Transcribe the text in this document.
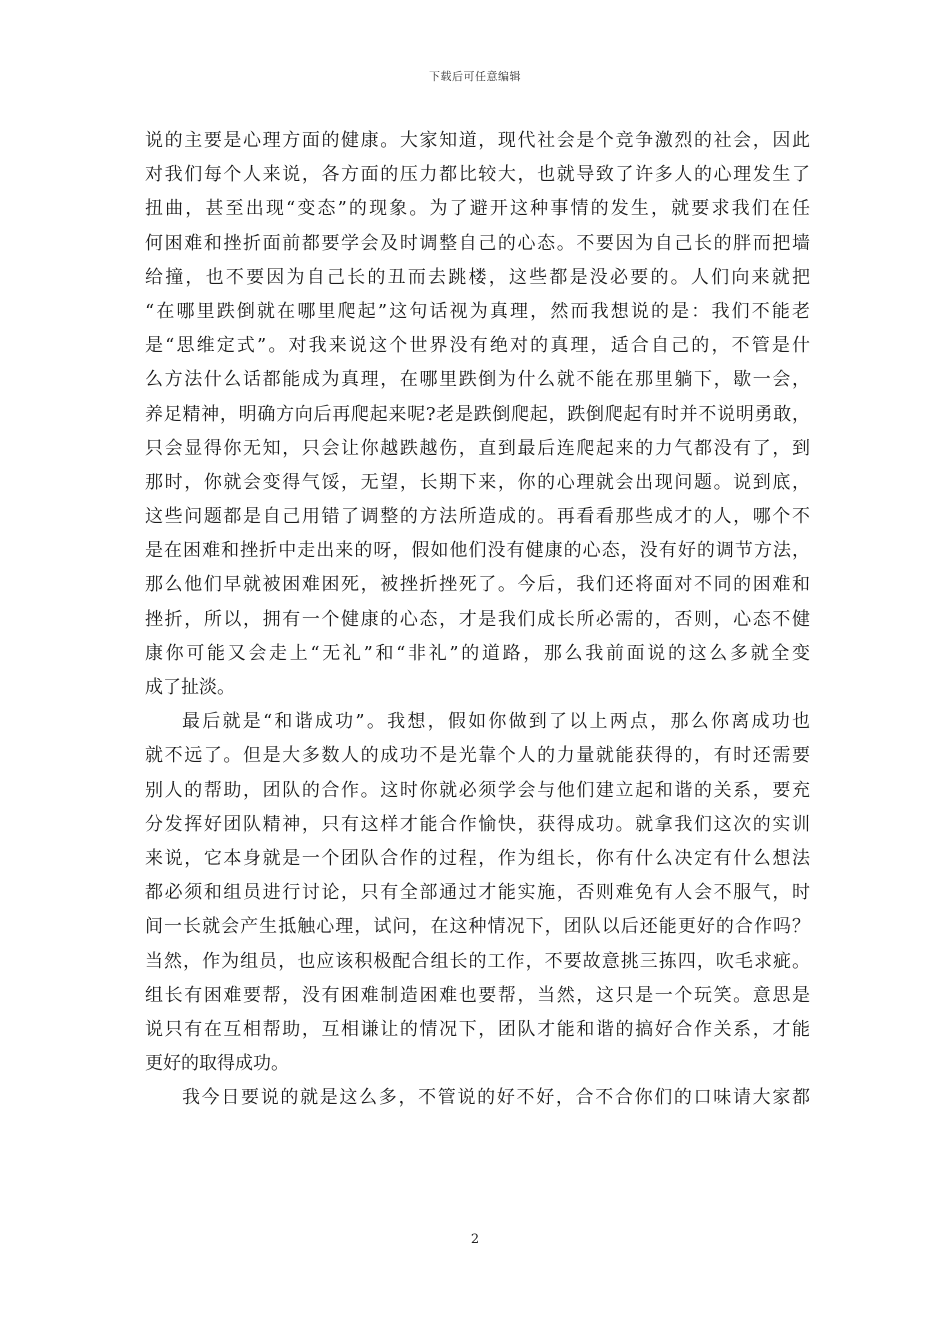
下载后可任意编辑
说的主要是心理方面的健康。大家知道，现代社会是个竞争激烈的社会，因此
对我们每个人来说，各方面的压力都比较大，也就导致了许多人的心理发生了
扭曲，甚至出现“变态”的现象。为了避开这种事情的发生，就要求我们在任
何困难和挫折面前都要学会及时调整自己的心态。不要因为自己长的胖而把墙
给撞，也不要因为自己长的丑而去跳楼，这些都是没必要的。人们向来就把
“在哪里跌倒就在哪里爬起”这句话视为真理，然而我想说的是：我们不能老
是“思维定式”。对我来说这个世界没有绝对的真理，适合自己的，不管是什
么方法什么话都能成为真理，在哪里跌倒为什么就不能在那里躺下，歇一会，
养足精神，明确方向后再爬起来呢?老是跌倒爬起，跌倒爬起有时并不说明勇敢，
只会显得你无知，只会让你越跌越伤，直到最后连爬起来的力气都没有了，到
那时，你就会变得气馁，无望，长期下来，你的心理就会出现问题。说到底，
这些问题都是自己用错了调整的方法所造成的。再看看那些成才的人，哪个不
是在困难和挫折中走出来的呀，假如他们没有健康的心态，没有好的调节方法，
那么他们早就被困难困死，被挫折挫死了。今后，我们还将面对不同的困难和
挫折，所以，拥有一个健康的心态，才是我们成长所必需的，否则，心态不健
康你可能又会走上“无礼”和“非礼”的道路，那么我前面说的这么多就全变
成了扯淡。
最后就是“和谐成功”。我想，假如你做到了以上两点，那么你离成功也
就不远了。但是大多数人的成功不是光靠个人的力量就能获得的，有时还需要
别人的帮助，团队的合作。这时你就必须学会与他们建立起和谐的关系，要充
分发挥好团队精神，只有这样才能合作愉快，获得成功。就拿我们这次的实训
来说，它本身就是一个团队合作的过程，作为组长，你有什么决定有什么想法
都必须和组员进行讨论，只有全部通过才能实施，否则难免有人会不服气，时
间一长就会产生抵触心理，试问，在这种情况下，团队以后还能更好的合作吗？
当然，作为组员，也应该积极配合组长的工作，不要故意挑三拣四，吹毛求疵。
组长有困难要帮，没有困难制造困难也要帮，当然，这只是一个玩笑。意思是
说只有在互相帮助，互相谦让的情况下，团队才能和谐的搞好合作关系，才能
更好的取得成功。
我今日要说的就是这么多，不管说的好不好，合不合你们的口味请大家都
2
